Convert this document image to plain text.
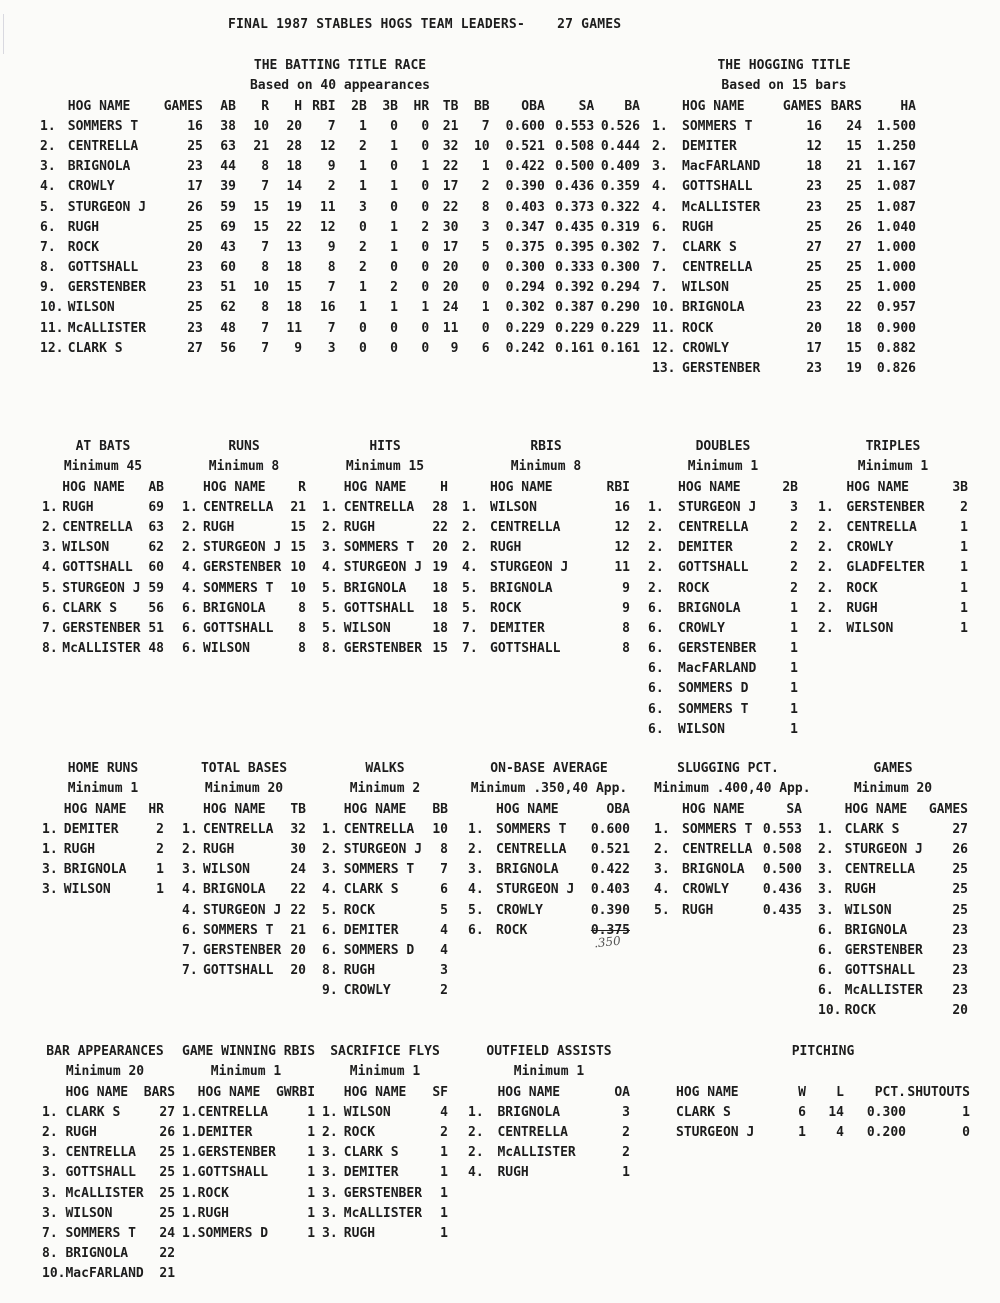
FINAL 1987 STABLES HOGS TEAM LEADERS-    27 GAMES
THE BATTING TITLE RACE
Based on 40 appearances
	HOG NAME	GAMES	AB	R	H	RBI	2B	3B	HR	TB	BB	OBA	SA	BA
1.	SOMMERS T	16	38	10	20	7	1	0	0	21	7	0.600	0.553	0.526
2.	CENTRELLA	25	63	21	28	12	2	1	0	32	10	0.521	0.508	0.444
3.	BRIGNOLA	23	44	8	18	9	1	0	1	22	1	0.422	0.500	0.409
4.	CROWLY	17	39	7	14	2	1	1	0	17	2	0.390	0.436	0.359
5.	STURGEON J	26	59	15	19	11	3	0	0	22	8	0.403	0.373	0.322
6.	RUGH	25	69	15	22	12	0	1	2	30	3	0.347	0.435	0.319
7.	ROCK	20	43	7	13	9	2	1	0	17	5	0.375	0.395	0.302
8.	GOTTSHALL	23	60	8	18	8	2	0	0	20	0	0.300	0.333	0.300
9.	GERSTENBER	23	51	10	15	7	1	2	0	20	0	0.294	0.392	0.294
10.	WILSON	25	62	8	18	16	1	1	1	24	1	0.302	0.387	0.290
11.	McALLISTER	23	48	7	11	7	0	0	0	11	0	0.229	0.229	0.229
12.	CLARK S	27	56	7	9	3	0	0	0	9	6	0.242	0.161	0.161
THE HOGGING TITLE
Based on 15 bars
	HOG NAME	GAMES	BARS	HA
1.	SOMMERS T	16	24	1.500
2.	DEMITER	12	15	1.250
3.	MacFARLAND	18	21	1.167
4.	GOTTSHALL	23	25	1.087
4.	McALLISTER	23	25	1.087
6.	RUGH	25	26	1.040
7.	CLARK S	27	27	1.000
7.	CENTRELLA	25	25	1.000
7.	WILSON	25	25	1.000
10.	BRIGNOLA	23	22	0.957
11.	ROCK	20	18	0.900
12.	CROWLY	17	15	0.882
13.	GERSTENBER	23	19	0.826
AT BATS
Minimum 45
	HOG NAME	AB
1.	RUGH	69
2.	CENTRELLA	63
3.	WILSON	62
4.	GOTTSHALL	60
5.	STURGEON J	59
6.	CLARK S	56
7.	GERSTENBER	51
8.	McALLISTER	48
RUNS
Minimum 8
	HOG NAME	R
1.	CENTRELLA	21
2.	RUGH	15
2.	STURGEON J	15
4.	GERSTENBER	10
4.	SOMMERS T	10
6.	BRIGNOLA	8
6.	GOTTSHALL	8
6.	WILSON	8
HITS
Minimum 15
	HOG NAME	H
1.	CENTRELLA	28
2.	RUGH	22
3.	SOMMERS T	20
4.	STURGEON J	19
5.	BRIGNOLA	18
5.	GOTTSHALL	18
5.	WILSON	18
8.	GERSTENBER	15
RBIS
Minimum 8
	HOG NAME	RBI
1.	WILSON	16
2.	CENTRELLA	12
2.	RUGH	12
4.	STURGEON J	11
5.	BRIGNOLA	9
5.	ROCK	9
7.	DEMITER	8
7.	GOTTSHALL	8
DOUBLES
Minimum 1
	HOG NAME	2B
1.	STURGEON J	3
2.	CENTRELLA	2
2.	DEMITER	2
2.	GOTTSHALL	2
2.	ROCK	2
6.	BRIGNOLA	1
6.	CROWLY	1
6.	GERSTENBER	1
6.	MacFARLAND	1
6.	SOMMERS D	1
6.	SOMMERS T	1
6.	WILSON	1
TRIPLES
Minimum 1
	HOG NAME	3B
1.	GERSTENBER	2
2.	CENTRELLA	1
2.	CROWLY	1
2.	GLADFELTER	1
2.	ROCK	1
2.	RUGH	1
2.	WILSON	1
HOME RUNS
Minimum 1
	HOG NAME	HR
1.	DEMITER	2
1.	RUGH	2
3.	BRIGNOLA	1
3.	WILSON	1
TOTAL BASES
Minimum 20
	HOG NAME	TB
1.	CENTRELLA	32
2.	RUGH	30
3.	WILSON	24
4.	BRIGNOLA	22
4.	STURGEON J	22
6.	SOMMERS T	21
7.	GERSTENBER	20
7.	GOTTSHALL	20
WALKS
Minimum 2
	HOG NAME	BB
1.	CENTRELLA	10
2.	STURGEON J	8
3.	SOMMERS T	7
4.	CLARK S	6
5.	ROCK	5
6.	DEMITER	4
6.	SOMMERS D	4
8.	RUGH	3
9.	CROWLY	2
ON-BASE AVERAGE
Minimum .350,40 App.
	HOG NAME	OBA
1.	SOMMERS T	0.600
2.	CENTRELLA	0.521
3.	BRIGNOLA	0.422
4.	STURGEON J	0.403
5.	CROWLY	0.390
6.	ROCK	0.375
SLUGGING PCT.
Minimum .400,40 App.
	HOG NAME	SA
1.	SOMMERS T	0.553
2.	CENTRELLA	0.508
3.	BRIGNOLA	0.500
4.	CROWLY	0.436
5.	RUGH	0.435
GAMES
Minimum 20
	HOG NAME	GAMES
1.	CLARK S	27
2.	STURGEON J	26
3.	CENTRELLA	25
3.	RUGH	25
3.	WILSON	25
6.	BRIGNOLA	23
6.	GERSTENBER	23
6.	GOTTSHALL	23
6.	McALLISTER	23
10.	ROCK	20
BAR APPEARANCES
Minimum 20
	HOG NAME	BARS
1.	CLARK S	27
2.	RUGH	26
3.	CENTRELLA	25
3.	GOTTSHALL	25
3.	McALLISTER	25
3.	WILSON	25
7.	SOMMERS T	24
8.	BRIGNOLA	22
10.	MacFARLAND	21
GAME WINNING RBIS
Minimum 1
	HOG NAME	GWRBI
1.	CENTRELLA	1
1.	DEMITER	1
1.	GERSTENBER	1
1.	GOTTSHALL	1
1.	ROCK	1
1.	RUGH	1
1.	SOMMERS D	1
SACRIFICE FLYS
Minimum 1
	HOG NAME	SF
1.	WILSON	4
2.	ROCK	2
3.	CLARK S	1
3.	DEMITER	1
3.	GERSTENBER	1
3.	McALLISTER	1
3.	RUGH	1
OUTFIELD ASSISTS
Minimum 1
	HOG NAME	OA
1.	BRIGNOLA	3
2.	CENTRELLA	2
2.	McALLISTER	2
4.	RUGH	1
PITCHING
HOG NAME	W	L	PCT.	SHUTOUTS
CLARK S	6	14	0.300	1
STURGEON J	1	4	0.200	0
.350
